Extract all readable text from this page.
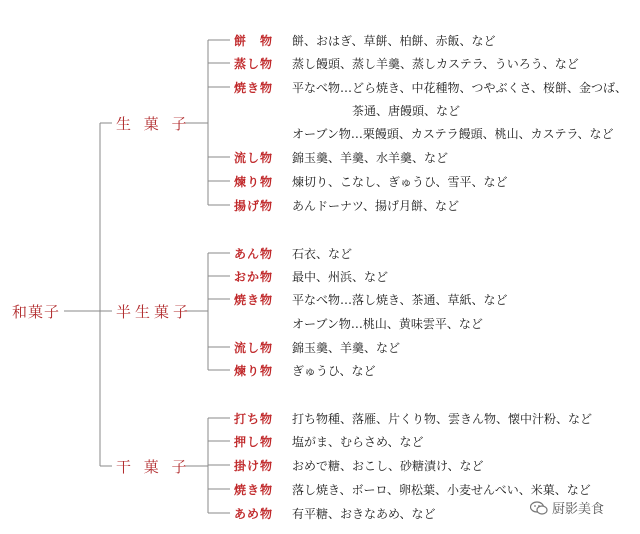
和菓子
生 菓 子
餅　物 餅、おはぎ、草餅、柏餅、赤飯、など
蒸し物 蒸し饅頭、蒸し羊羹、蒸しカステラ、ういろう、など
焼き物 平なべ物…どら焼き、中花種物、つやぶくさ、桜餅、金つば、
茶通、唐饅頭、など
オーブン物…栗饅頭、カステラ饅頭、桃山、カステラ、など
流し物 錦玉羹、羊羹、水羊羹、など
煉り物 煉切り、こなし、ぎゅうひ、雪平、など
揚げ物 あんドーナツ、揚げ月餅、など
半生菓子
あん物 石衣、など
おか物 最中、州浜、など
焼き物 平なべ物…落し焼き、茶通、草紙、など
オーブン物…桃山、黄味雲平、など
流し物 錦玉羹、羊羹、など
煉り物 ぎゅうひ、など
干 菓 子
打ち物 打ち物種、落雁、片くり物、雲きん物、懐中汁粉、など
押し物 塩がま、むらさめ、など
掛け物 おめで糖、おこし、砂糖漬け、など
焼き物 落し焼き、ボーロ、卵松葉、小麦せんべい、米菓、など
あめ物 有平糖、おきなあめ、など	厨影美食
